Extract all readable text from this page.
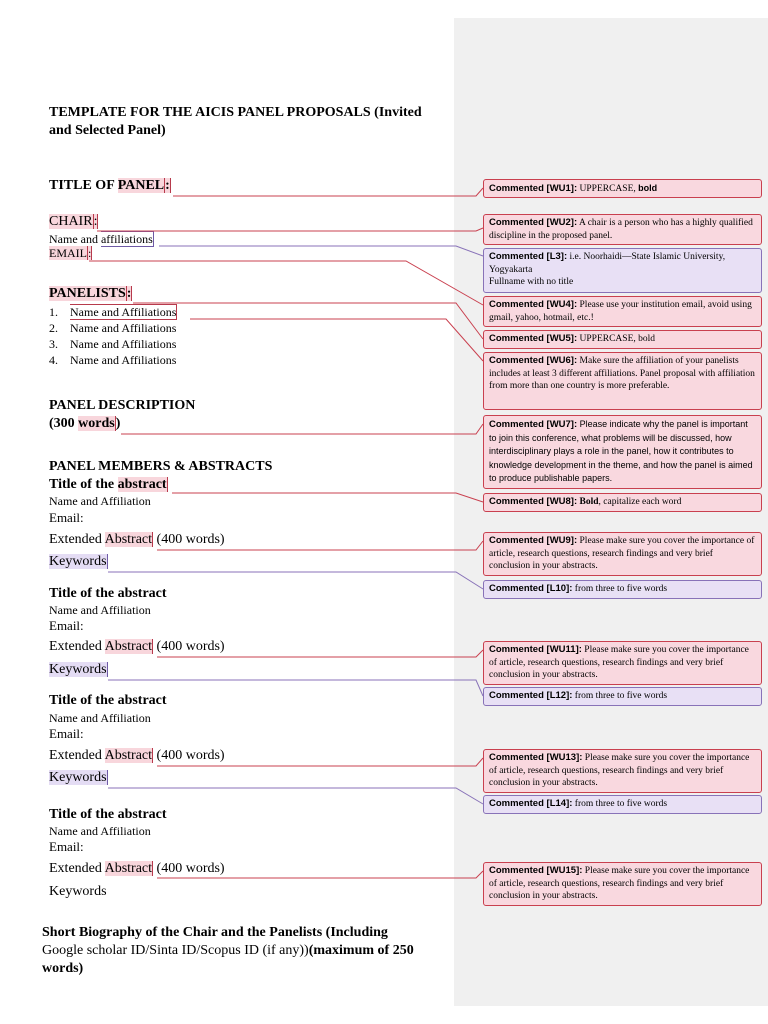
TEMPLATE FOR THE AICIS PANEL PROPOSALS (Invited
and Selected Panel)
TITLE OF PANEL:
CHAIR:
Name and affiliations
EMAIL:
PANELISTS:
1. Name and Affiliations
2. Name and Affiliations
3. Name and Affiliations
4. Name and Affiliations
PANEL DESCRIPTION
(300 words)
PANEL MEMBERS & ABSTRACTS
Title of the abstract
Name and Affiliation
Email:
Extended Abstract (400 words)
Keywords
Title of the abstract
Name and Affiliation
Email:
Extended Abstract (400 words)
Keywords
Title of the abstract
Name and Affiliation
Email:
Extended Abstract (400 words)
Keywords
Title of the abstract
Name and Affiliation
Email:
Extended Abstract (400 words)
Keywords
Short Biography of the Chair and the Panelists (Including
Google scholar ID/Sinta ID/Scopus ID (if any))(maximum of 250
words)
Commented [WU1]: UPPERCASE, bold
Commented [WU2]: A chair is a person who has a highly qualified discipline in the proposed panel.
Commented [L3]: i.e. Noorhaidi—State Islamic University, Yogyakarta
Fullname with no title
Commented [WU4]: Please use your institution email, avoid using gmail, yahoo, hotmail, etc.!
Commented [WU5]: UPPERCASE, bold
Commented [WU6]: Make sure the affiliation of your panelists includes at least 3 different affiliations. Panel proposal with affiliation from more than one country is more preferable.
Commented [WU7]: Please indicate why the panel is important to join this conference, what problems will be discussed, how interdisciplinary plays a role in the panel, how it contributes to knowledge development in the theme, and how the panel is aimed to produce publishable papers.
Commented [WU8]: Bold, capitalize each word
Commented [WU9]: Please make sure you cover the importance of article, research questions, research findings and very brief conclusion in your abstracts.
Commented [L10]: from three to five words
Commented [WU11]: Please make sure you cover the importance of article, research questions, research findings and very brief conclusion in your abstracts.
Commented [L12]: from three to five words
Commented [WU13]: Please make sure you cover the importance of article, research questions, research findings and very brief conclusion in your abstracts.
Commented [L14]: from three to five words
Commented [WU15]: Please make sure you cover the importance of article, research questions, research findings and very brief conclusion in your abstracts.
